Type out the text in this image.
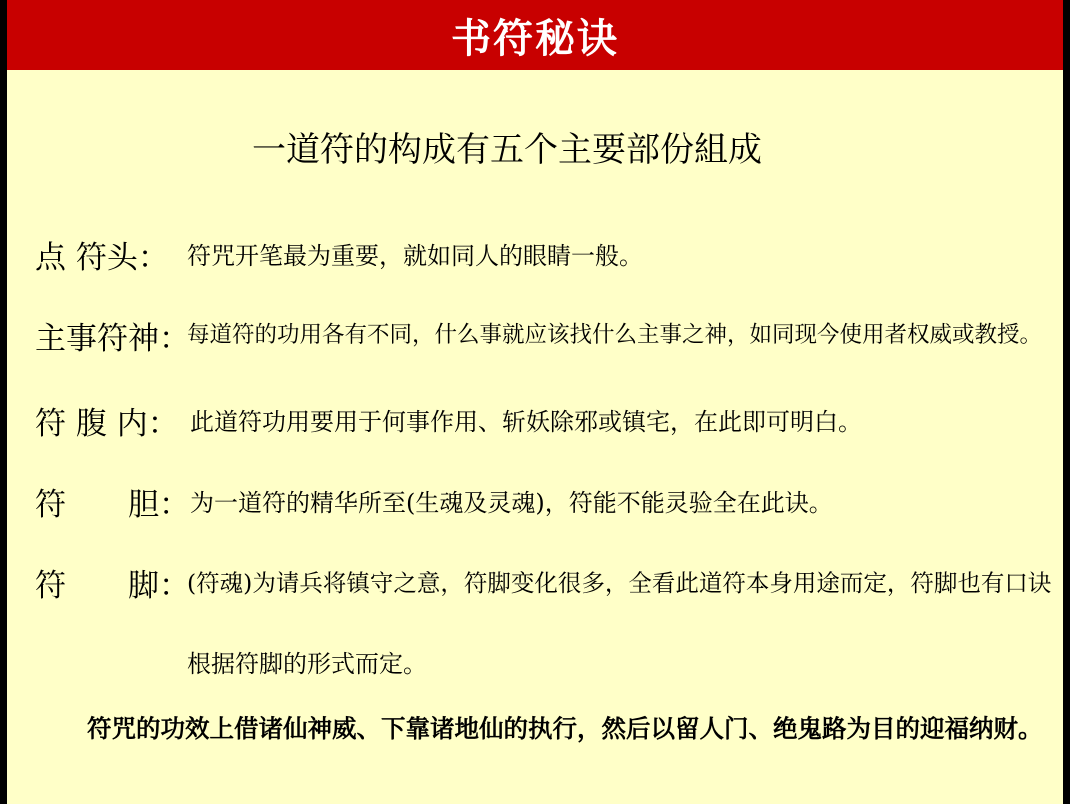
书符秘诀
一道符的构成有五个主要部份組成
点 符头： 符咒开笔最为重要，就如同人的眼睛一般。
主事符神：
每道符的功用各有不同，什么事就应该找什么主事之神，如同现今使用者权威或教授。
符 腹 内： 此道符功用要用于何事作用、斩妖除邪或镇宅，在此即可明白。
符　　胆： 为一道符的精华所至(生魂及灵魂)，符能不能灵验全在此诀。
符　　脚：
(符魂)为请兵将镇守之意，符脚变化很多，全看此道符本身用途而定，符脚也有口诀
根据符脚的形式而定。
符咒的功效上借诸仙神威、下靠诸地仙的执行，然后以留人门、绝鬼路为目的迎福纳财。
